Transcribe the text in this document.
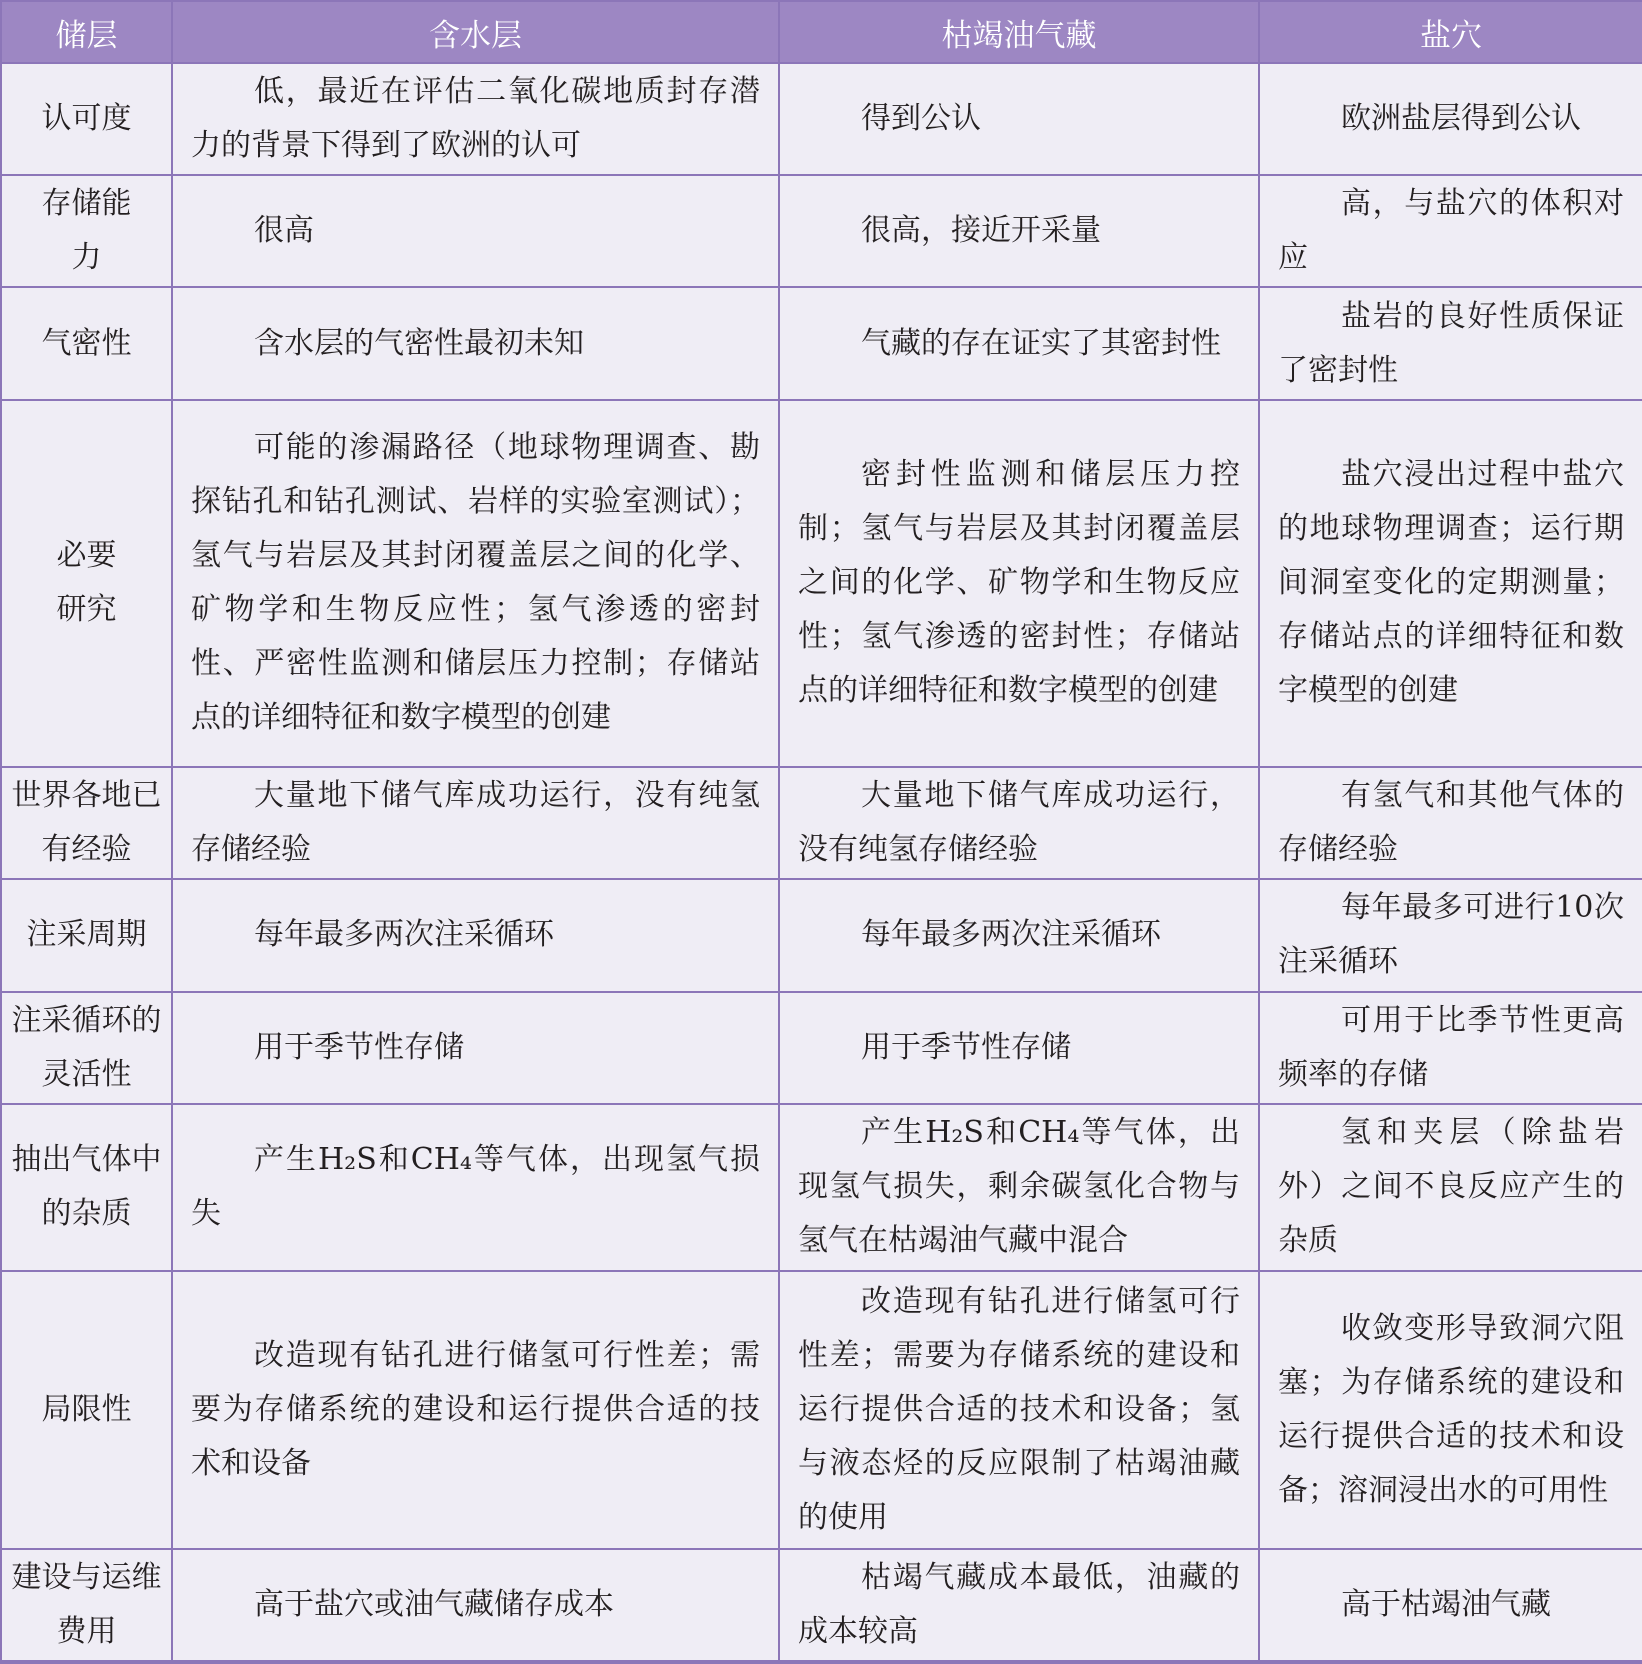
储层	含水层	枯竭油气藏	盐穴
认可度	低，最近在评估二氧化碳地质封存潜力的背景下得到了欧洲的认可	得到公认	欧洲盐层得到公认
存储能力	很高	很高，接近开采量	高，与盐穴的体积对应
气密性	含水层的气密性最初未知	气藏的存在证实了其密封性	盐岩的良好性质保证了密封性
必要研究	可能的渗漏路径（地球物理调查、勘探钻孔和钻孔测试、岩样的实验室测试）；氢气与岩层及其封闭覆盖层之间的化学、矿物学和生物反应性；氢气渗透的密封性、严密性监测和储层压力控制；存储站点的详细特征和数字模型的创建	密封性监测和储层压力控制；氢气与岩层及其封闭覆盖层之间的化学、矿物学和生物反应性；氢气渗透的密封性；存储站点的详细特征和数字模型的创建	盐穴浸出过程中盐穴的地球物理调查；运行期间洞室变化的定期测量；存储站点的详细特征和数字模型的创建
世界各地已有经验	大量地下储气库成功运行，没有纯氢存储经验	大量地下储气库成功运行，没有纯氢存储经验	有氢气和其他气体的存储经验
注采周期	每年最多两次注采循环	每年最多两次注采循环	每年最多可进行10次注采循环
注采循环的灵活性	用于季节性存储	用于季节性存储	可用于比季节性更高频率的存储
抽出气体中的杂质	产生H₂S和CH₄等气体，出现氢气损失	产生H₂S和CH₄等气体，出现氢气损失，剩余碳氢化合物与氢气在枯竭油气藏中混合	氢和夹层（除盐岩外）之间不良反应产生的杂质
局限性	改造现有钻孔进行储氢可行性差；需要为存储系统的建设和运行提供合适的技术和设备	改造现有钻孔进行储氢可行性差；需要为存储系统的建设和运行提供合适的技术和设备；氢与液态烃的反应限制了枯竭油藏的使用	收敛变形导致洞穴阻塞；为存储系统的建设和运行提供合适的技术和设备；溶洞浸出水的可用性
建设与运维费用	高于盐穴或油气藏储存成本	枯竭气藏成本最低，油藏的成本较高	高于枯竭油气藏
